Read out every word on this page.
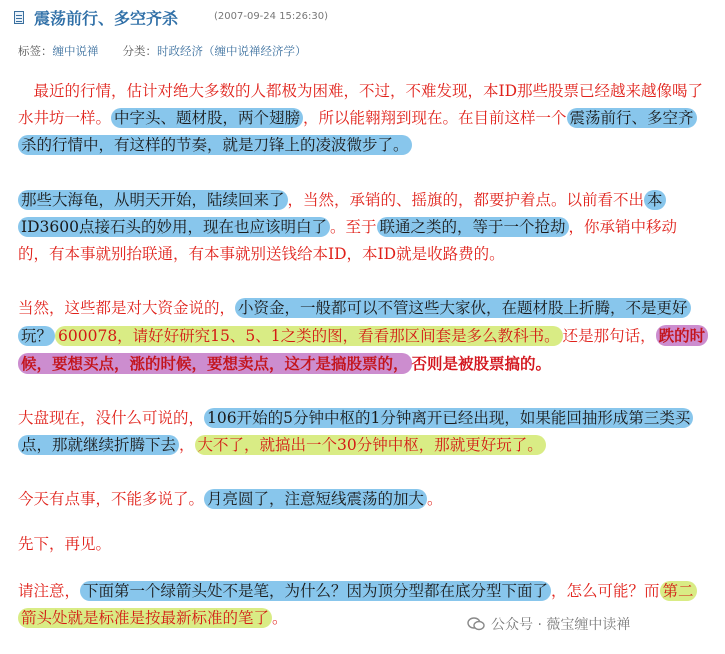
震荡前行、多空齐杀	(2007-09-24 15:26:30)
标签：缠中说禅 分类：时政经济（缠中说禅经济学）

　最近的行情，估计对绝大多数的人都极为困难，不过，不难发现，本ID那些股票已经越来越像喝了水井坊一样。 中字头、题材股，两个翅膀 ，所以能翱翔到现在。在目前这样一个 震荡前行、多空齐杀的行情中，有这样的节奏，就是刀锋上的凌波微步了。

那些大海龟，从明天开始，陆续回来了 ，当然，承销的、摇旗的，都要护着点。以前看不出 本ID3600点接石头的妙用，现在也应该明白了 。至于 联通之类的，等于一个抢劫 ，你承销中移动的，有本事就别抬联通，有本事就别送钱给本ID，本ID就是收路费的。

当然，这些都是对大资金说的， 小资金，一般都可以不管这些大家伙，在题材股上折腾，不是更好玩？ 600078，请好好研究15、5、1之类的图，看看那区间套是多么教科书。 还是那句话， 跌的时候，要想买点，涨的时候，要想卖点，这才是搞股票的， 否则是被股票搞的。

大盘现在，没什么可说的， 106开始的5分钟中枢的1分钟离开已经出现，如果能回抽形成第三类买点，那就继续折腾下去 ， 大不了，就搞出一个30分钟中枢，那就更好玩了。

今天有点事，不能多说了。 月亮圆了，注意短线震荡的加大 。

先下，再见。

请注意， 下面第一个绿箭头处不是笔，为什么？因为顶分型都在底分型下面了 ，怎么可能？而 第二箭头处就是标准是按最新标准的笔了 。	公众号 · 薇宝缠中读禅
